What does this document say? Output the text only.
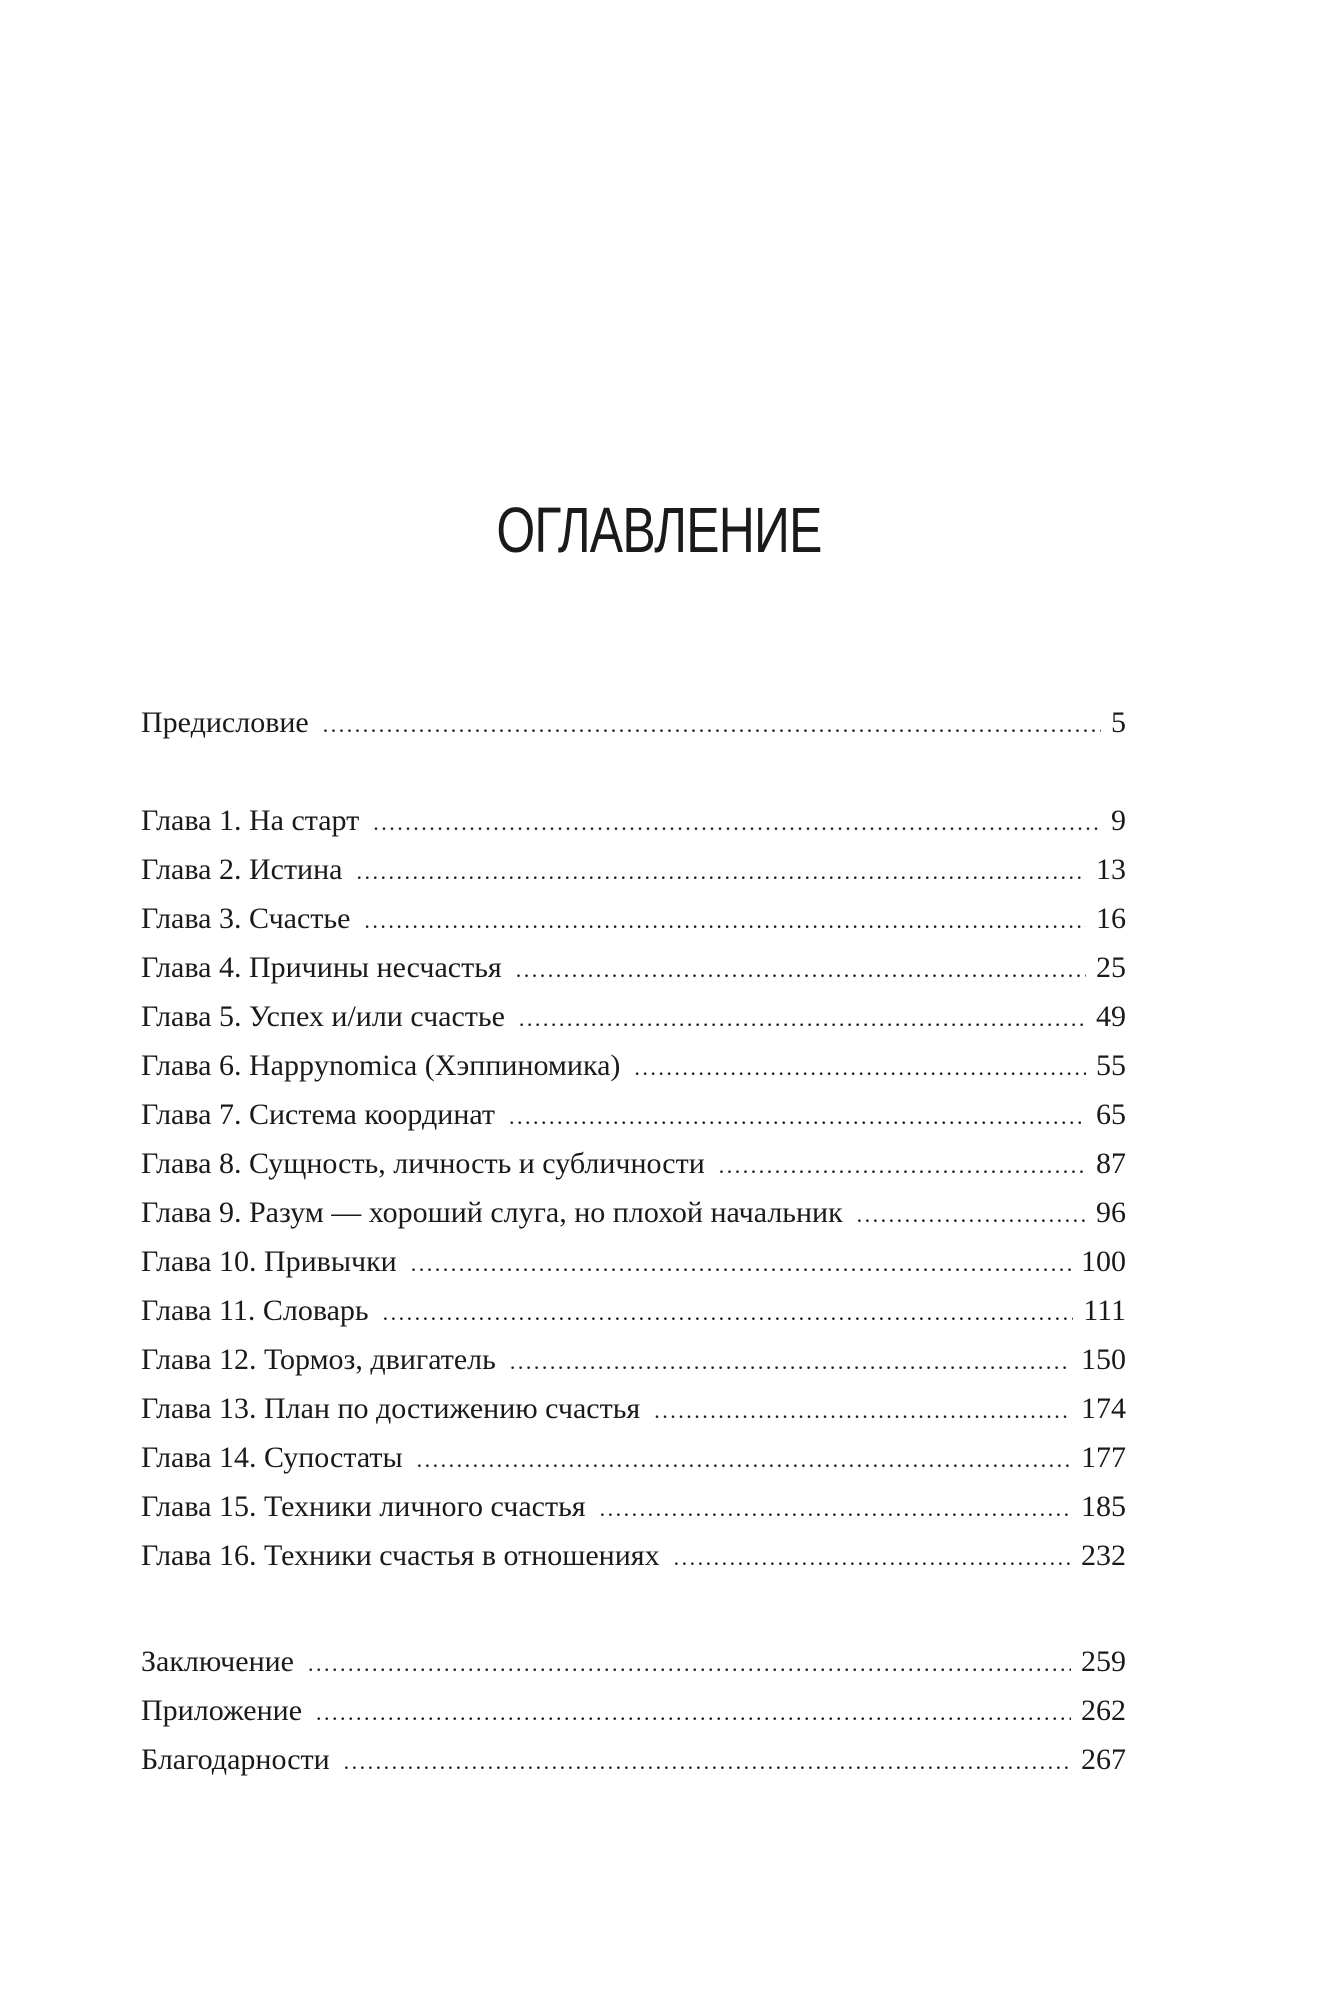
ОГЛАВЛЕНИЕ
Предисловие . . .	5
Глава 1. На старт . . .	9
Глава 2. Истина . . .	13
Глава 3. Счастье . . .	16
Глава 4. Причины несчастья . . .	25
Глава 5. Успех и/или счастье . . .	49
Глава 6. Happynomica (Хэппиномика) . . .	55
Глава 7. Система координат . . .	65
Глава 8. Сущность, личность и субличности . . .	87
Глава 9. Разум — хороший слуга, но плохой начальник . . .	96
Глава 10. Привычки . . .	100
Глава 11. Словарь . . .	111
Глава 12. Тормоз, двигатель . . .	150
Глава 13. План по достижению счастья . . .	174
Глава 14. Супостаты . . .	177
Глава 15. Техники личного счастья . . .	185
Глава 16. Техники счастья в отношениях . . .	232
Заключение . . .	259
Приложение . . .	262
Благодарности . . .	267
